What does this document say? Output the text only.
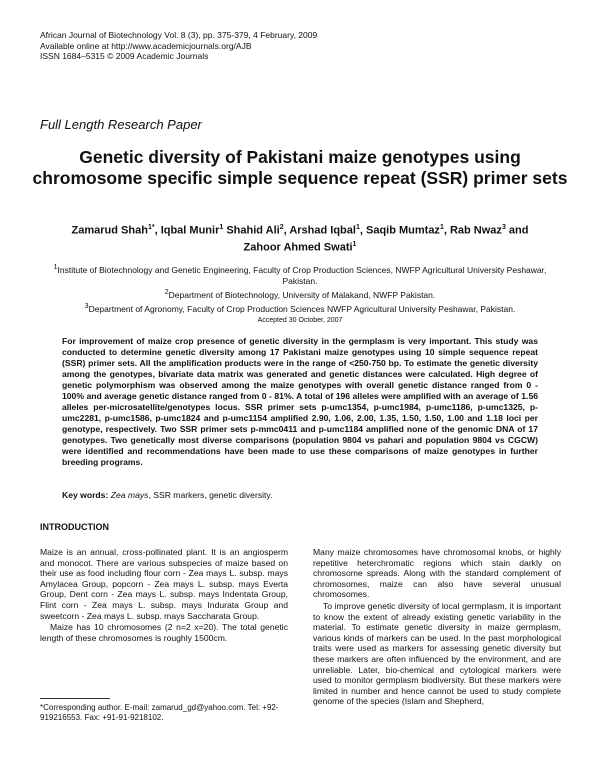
African Journal of Biotechnology Vol. 8 (3), pp. 375-379, 4 February, 2009
Available online at http://www.academicjournals.org/AJB
ISSN 1684–5315 © 2009 Academic Journals
Full Length Research Paper
Genetic diversity of Pakistani maize genotypes using chromosome specific simple sequence repeat (SSR) primer sets
Zamarud Shah$^{1*}$, Iqbal Munir$^1$ Shahid Ali$^2$, Arshad Iqbal$^1$, Saqib Mumtaz$^1$, Rab Nwaz$^3$ and
Zahoor Ahmed Swati$^1$

$^1$Institute of Biotechnology and Genetic Engineering, Faculty of Crop Production Sciences, NWFP Agricultural University Peshawar, Pakistan.

$^2$Department of Biotechnology, University of Malakand, NWFP Pakistan.

$^3$Department of Agronomy, Faculty of Crop Production Sciences NWFP Agricultural University Peshawar, Pakistan.

Accepted 30 October, 2007
For improvement of maize crop presence of genetic diversity in the germplasm is very important. This study was conducted to determine genetic diversity among 17 Pakistani maize genotypes using 10 simple sequence repeat (SSR) primer sets. All the amplification products were in the range of <250-750 bp. To estimate the genetic diversity among the genotypes, bivariate data matrix was generated and genetic distances were calculated. High degree of genetic polymorphism was observed among the maize genotypes with overall genetic distance ranged from 0 - 100% and average genetic distance ranged from 0 - 81%. A total of 196 alleles were amplified with an average of 1.56 alleles per-microsatellite/genotypes locus. SSR primer sets p-umc1354, p-umc1984, p-umc1186, p-umc1325, p-umc2281, p-umc1586, p-umc1824 and p-umc1154 amplified 2.90, 1.06, 2.00, 1.35, 1.50, 1.50, 1.00 and 1.18 loci per genotype, respectively. Two SSR primer sets p-mmc0411 and p-umc1184 amplified none of the genomic DNA of 17 genotypes. Two genetically most diverse comparisons (population 9804 vs pahari and population 9804 vs CGCW) were identified and recommendations have been made to use these comparisons of maize genotypes in further breeding programs.
Key words: Zea mays, SSR markers, genetic diversity.
INTRODUCTION

Maize is an annual, cross-pollinated plant. It is an angiosperm and monocot. There are various subspecies of maize based on their use as food including flour corn - Zea mays L. subsp. mays Amylacea Group, popcorn - Zea mays L. subsp. mays Everta Group, Dent corn - Zea mays L. subsp. mays Indentata Group, Flint corn - Zea mays L. subsp. mays Indurata Group and sweetcorn - Zea mays L. subsp. mays Saccharata Group.

Maize has 10 chromosomes (2 n=2 x=20). The total genetic length of these chromosomes is roughly 1500cm.

Many maize chromosomes have chromosomal knobs, or highly repetitive heterchromatic regions which stain darkly on chromosome spreads. Along with the standard complement of chromosomes, maize can also have several unusual chromosomes.

To improve genetic diversity of local germplasm, it is important to know the extent of already existing genetic variability in the material. To estimate genetic diversity in maize germplasm, various kinds of markers can be used. In the past morphological traits were used as markers for assessing genetic diversity but these markers are often influenced by the environment, and are unreliable. Later, bio-chemical and cytological markers were used to monitor germplasm biodiversity. But these markers were limited in number and hence cannot be used to study complete genome of the species (Islam and Shepherd,

*Corresponding author. E-mail: zamarud_gd@yahoo.com. Tel: +92-919216553. Fax: +91-91-9218102.
